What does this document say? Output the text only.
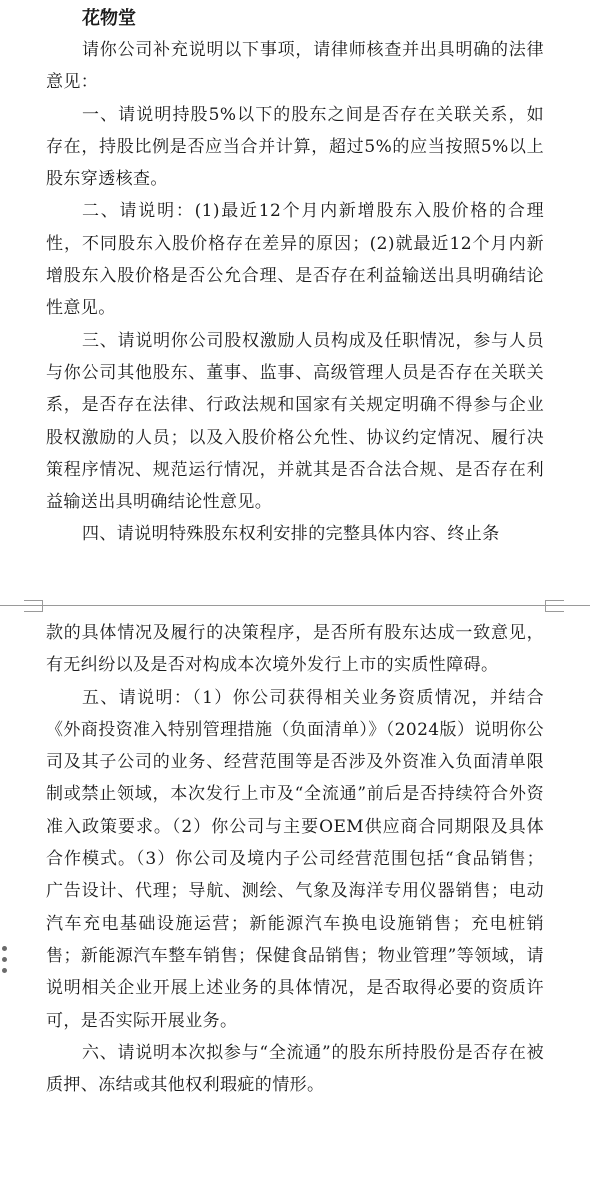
花物堂

请你公司补充说明以下事项，请律师核查并出具明确的法律意见：

一、请说明持股5%以下的股东之间是否存在关联关系，如存在，持股比例是否应当合并计算，超过5%的应当按照5%以上股东穿透核查。

二、请说明：(1)最近12个月内新增股东入股价格的合理性，不同股东入股价格存在差异的原因；(2)就最近12个月内新增股东入股价格是否公允合理、是否存在利益输送出具明确结论性意见。

三、请说明你公司股权激励人员构成及任职情况，参与人员与你公司其他股东、董事、监事、高级管理人员是否存在关联关系，是否存在法律、行政法规和国家有关规定明确不得参与企业股权激励的人员；以及入股价格公允性、协议约定情况、履行决策程序情况、规范运行情况，并就其是否合法合规、是否存在利益输送出具明确结论性意见。

四、请说明特殊股东权利安排的完整具体内容、终止条

款的具体情况及履行的决策程序，是否所有股东达成一致意见，有无纠纷以及是否对构成本次境外发行上市的实质性障碍。

五、请说明：（1）你公司获得相关业务资质情况，并结合《外商投资准入特别管理措施（负面清单）》（2024版）说明你公司及其子公司的业务、经营范围等是否涉及外资准入负面清单限制或禁止领域，本次发行上市及“全流通”前后是否持续符合外资准入政策要求。（2）你公司与主要OEM供应商合同期限及具体合作模式。（3）你公司及境内子公司经营范围包括“食品销售；广告设计、代理；导航、测绘、气象及海洋专用仪器销售；电动汽车充电基础设施运营；新能源汽车换电设施销售；充电桩销售；新能源汽车整车销售；保健食品销售；物业管理”等领域，请说明相关企业开展上述业务的具体情况，是否取得必要的资质许可，是否实际开展业务。

六、请说明本次拟参与“全流通”的股东所持股份是否存在被质押、冻结或其他权利瑕疵的情形。
